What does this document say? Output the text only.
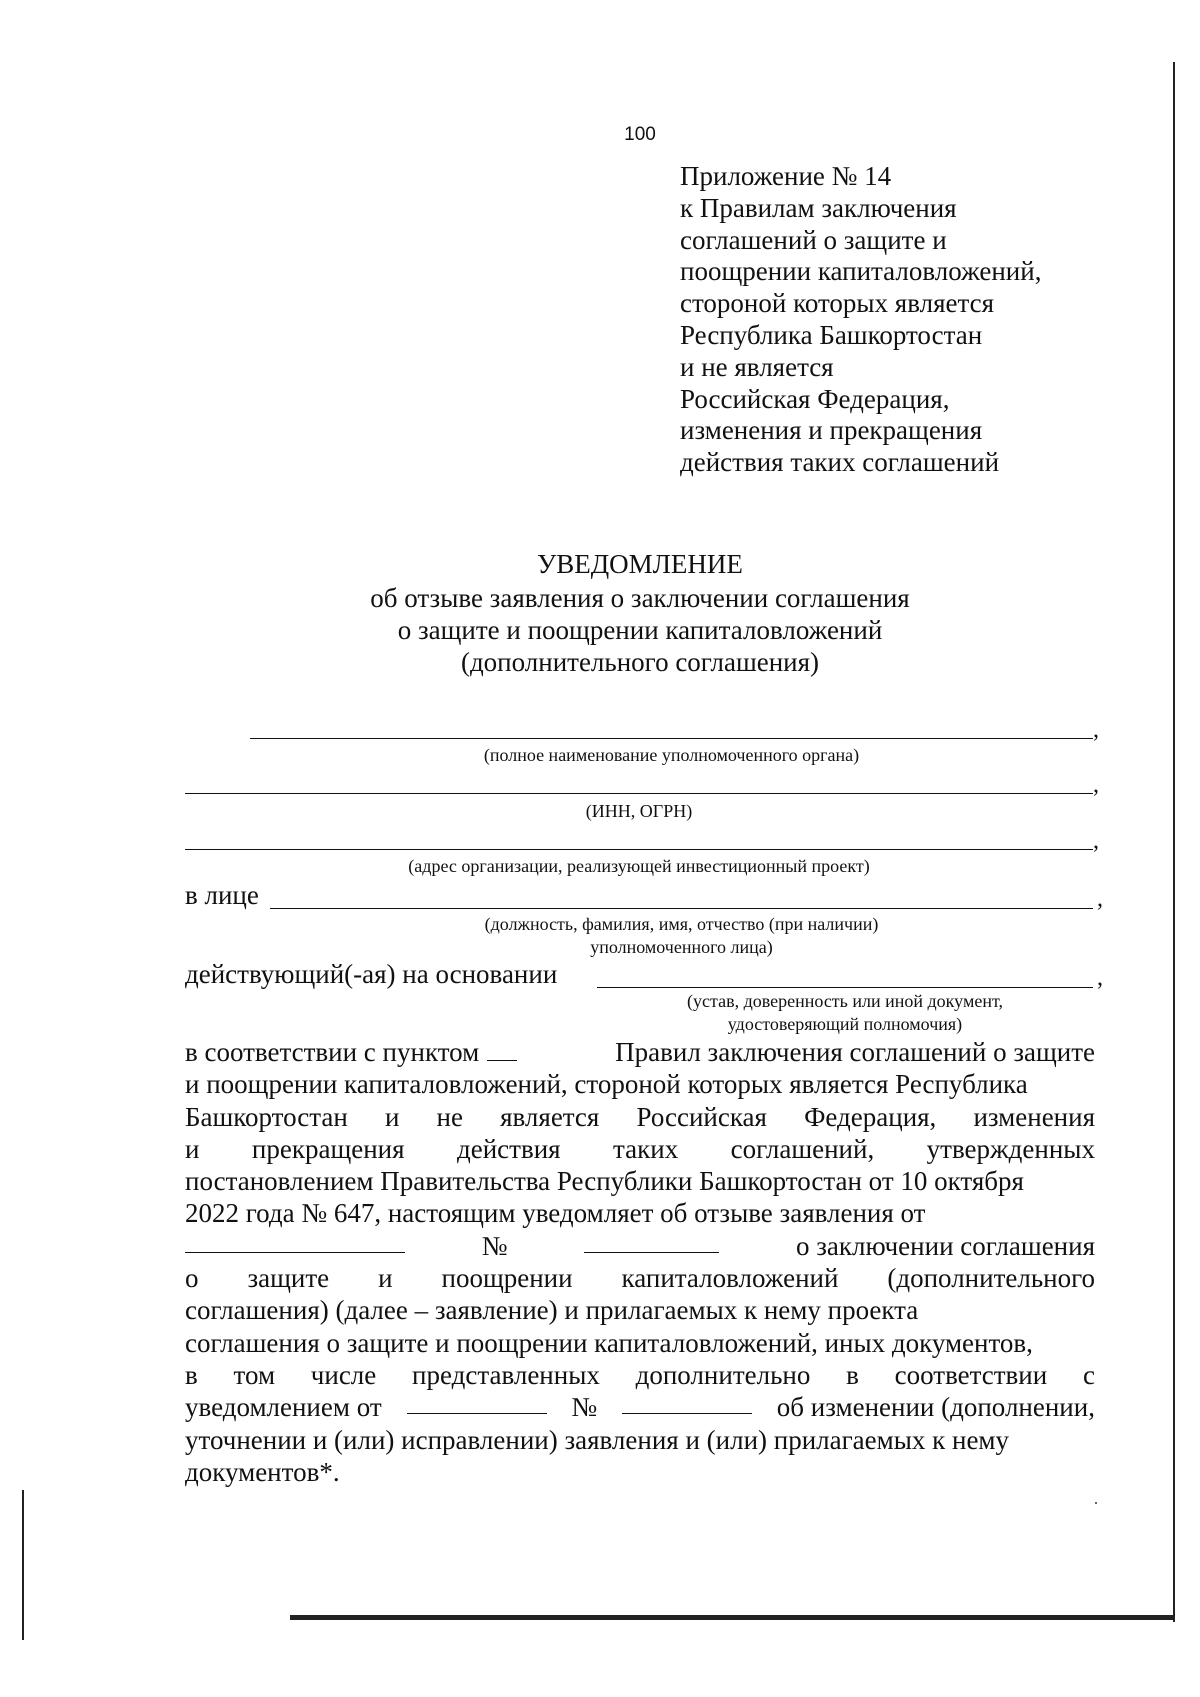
100
Приложение № 14
к Правилам заключения
соглашений о защите и
поощрении капиталовложений,
стороной которых является
Республика Башкортостан
и не является
Российская Федерация,
изменения и прекращения
действия таких соглашений
УВЕДОМЛЕНИЕ
об отзыве заявления о заключении соглашения
о защите и поощрении капиталовложений
(дополнительного соглашения)
,
(полное наименование уполномоченного органа)
,
(ИНН, ОГРН)
,
(адрес организации, реализующей инвестиционный проект)
в лице	,
(должность, фамилия, имя, отчество (при наличии)
уполномоченного лица)
действующий(-ая) на основании	,
(устав, доверенность или иной документ,
удостоверяющий полномочия)
в соответствии с пунктом	Правил заключения соглашений о защите
и поощрении капиталовложений, стороной которых является Республика
Башкортостан и не является Российская Федерация, изменения
и прекращения действия таких соглашений, утвержденных
постановлением Правительства Республики Башкортостан от 10 октября
2022 года № 647, настоящим уведомляет об отзыве заявления от
№	о заключении соглашения
о защите и поощрении капиталовложений (дополнительного
соглашения) (далее – заявление) и прилагаемых к нему проекта
соглашения о защите и поощрении капиталовложений, иных документов,
в том числе представленных дополнительно в соответствии с
уведомлением от	№	об изменении (дополнении,
уточнении и (или) исправлении) заявления и (или) прилагаемых к нему
документов*.
